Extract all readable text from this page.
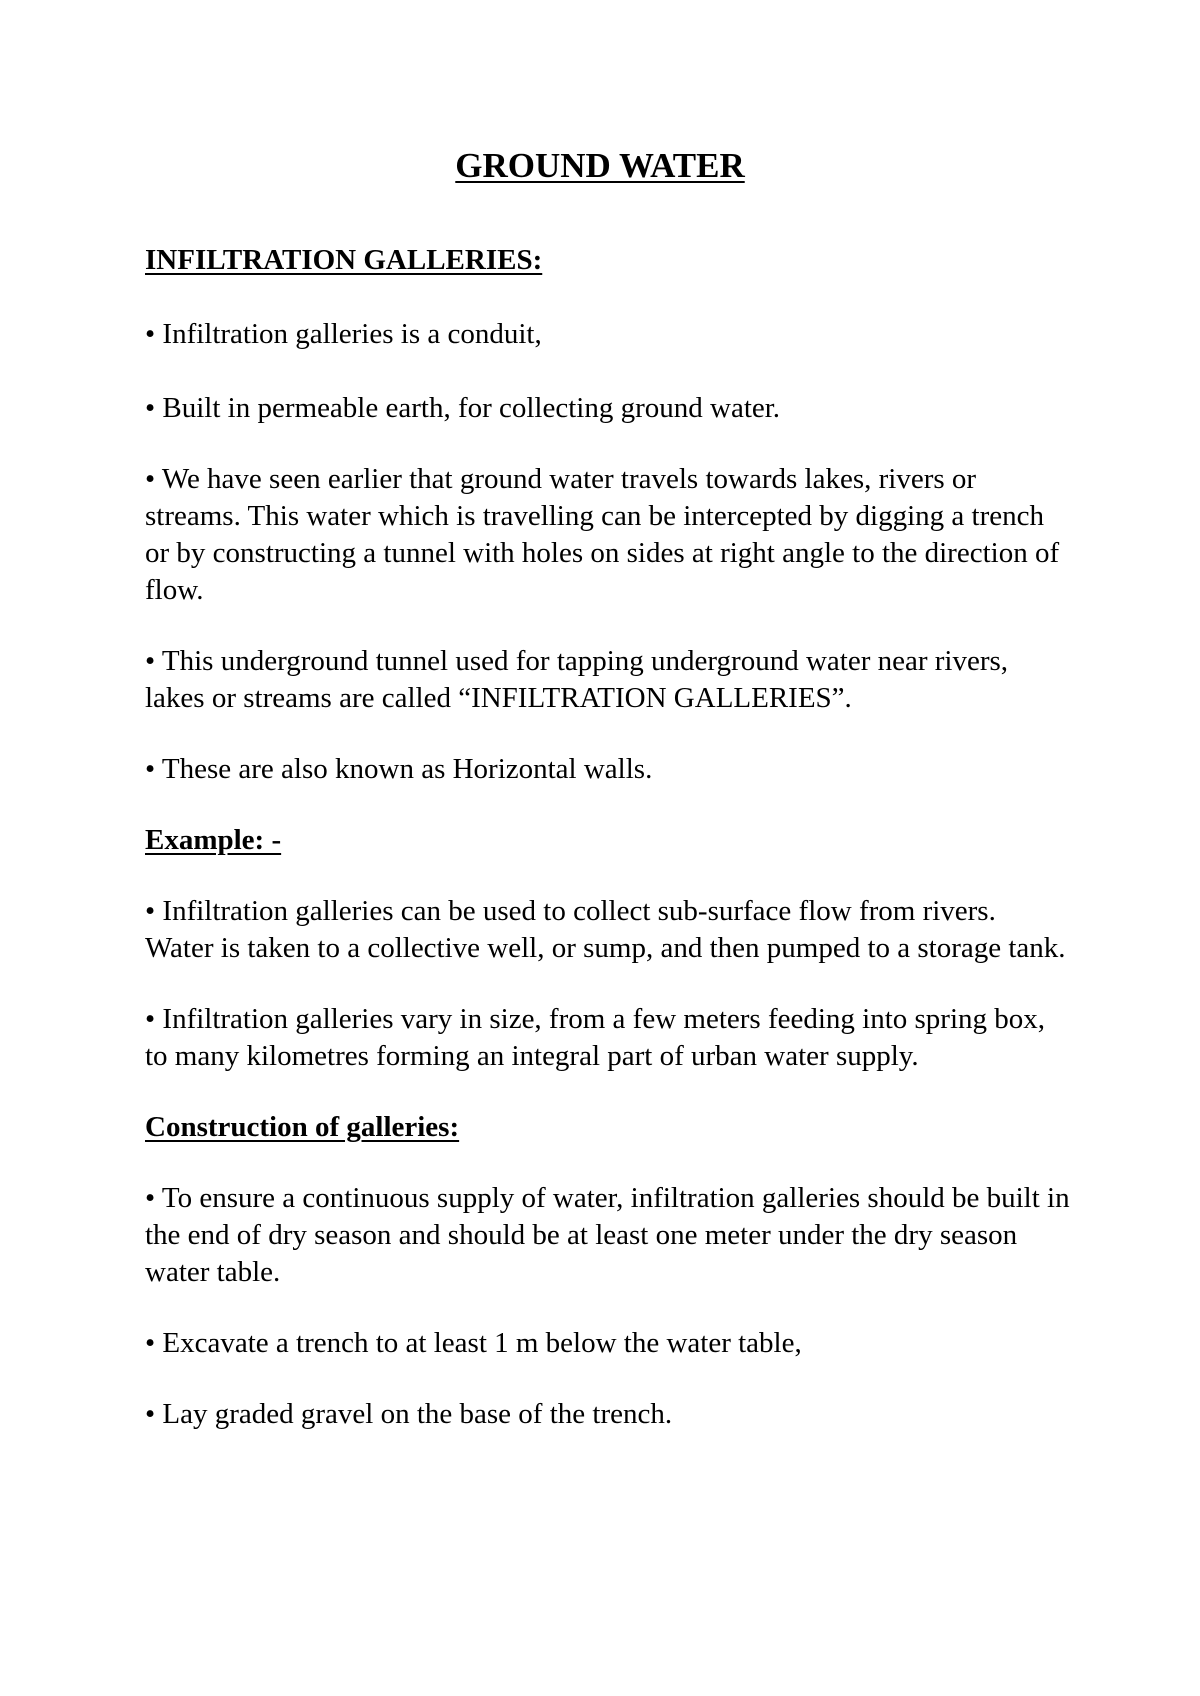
GROUND WATER
INFILTRATION GALLERIES:
• Infiltration galleries is a conduit,
• Built in permeable earth, for collecting ground water.
• We have seen earlier that ground water travels towards lakes, rivers or streams. This water which is travelling can be intercepted by digging a trench or by constructing a tunnel with holes on sides at right angle to the direction of flow.
• This underground tunnel used for tapping underground water near rivers, lakes or streams are called “INFILTRATION GALLERIES”.
• These are also known as Horizontal walls.
Example: -
• Infiltration galleries can be used to collect sub-surface flow from rivers. Water is taken to a collective well, or sump, and then pumped to a storage tank.
• Infiltration galleries vary in size, from a few meters feeding into spring box, to many kilometres forming an integral part of urban water supply.
Construction of galleries:
• To ensure a continuous supply of water, infiltration galleries should be built in the end of dry season and should be at least one meter under the dry season water table.
• Excavate a trench to at least 1 m below the water table,
• Lay graded gravel on the base of the trench.
